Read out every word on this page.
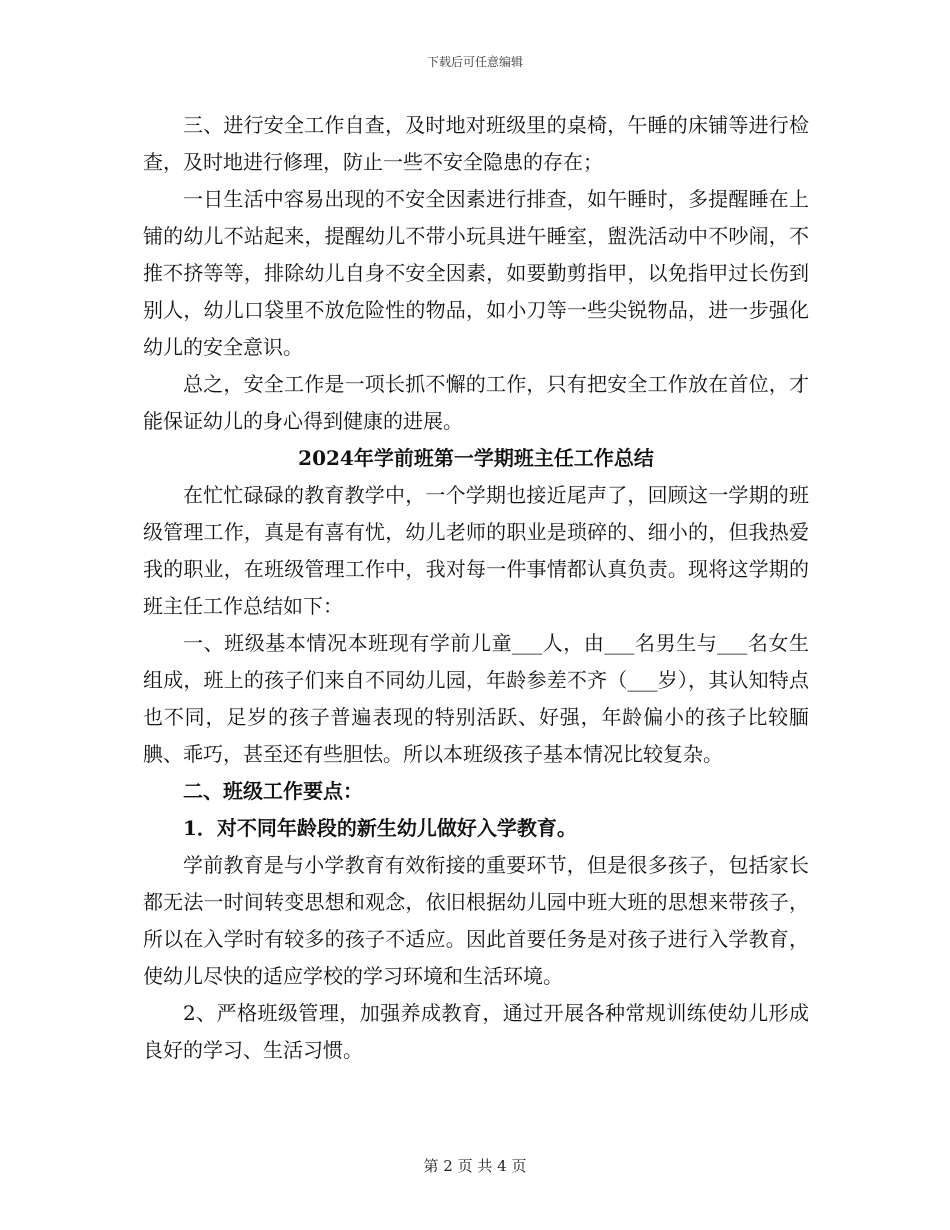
下载后可任意编辑

三、进行安全工作自查，及时地对班级里的桌椅，午睡的床铺等进行检查，及时地进行修理，防止一些不安全隐患的存在；

一日生活中容易出现的不安全因素进行排查，如午睡时，多提醒睡在上铺的幼儿不站起来，提醒幼儿不带小玩具进午睡室，盥洗活动中不吵闹，不推不挤等等，排除幼儿自身不安全因素，如要勤剪指甲，以免指甲过长伤到别人，幼儿口袋里不放危险性的物品，如小刀等一些尖锐物品，进一步强化幼儿的安全意识。

总之，安全工作是一项长抓不懈的工作，只有把安全工作放在首位，才能保证幼儿的身心得到健康的进展。

2024年学前班第一学期班主任工作总结

在忙忙碌碌的教育教学中，一个学期也接近尾声了，回顾这一学期的班级管理工作，真是有喜有忧，幼儿老师的职业是琐碎的、细小的，但我热爱我的职业，在班级管理工作中，我对每一件事情都认真负责。现将这学期的班主任工作总结如下：

一、班级基本情况本班现有学前儿童___人，由___名男生与___名女生组成，班上的孩子们来自不同幼儿园，年龄参差不齐（___岁），其认知特点也不同，足岁的孩子普遍表现的特别活跃、好强，年龄偏小的孩子比较腼腆、乖巧，甚至还有些胆怯。所以本班级孩子基本情况比较复杂。

二、班级工作要点：

1．对不同年龄段的新生幼儿做好入学教育。

学前教育是与小学教育有效衔接的重要环节，但是很多孩子，包括家长都无法一时间转变思想和观念，依旧根据幼儿园中班大班的思想来带孩子，所以在入学时有较多的孩子不适应。因此首要任务是对孩子进行入学教育，使幼儿尽快的适应学校的学习环境和生活环境。

2、严格班级管理，加强养成教育，通过开展各种常规训练使幼儿形成良好的学习、生活习惯。

第 2 页 共 4 页
